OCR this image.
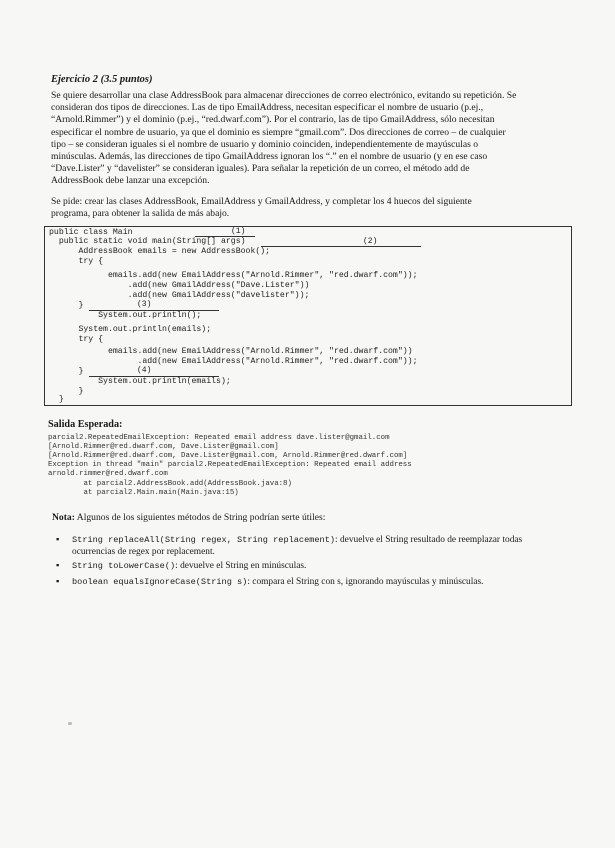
Ejercicio 2 (3.5 puntos)
Se quiere desarrollar una clase AddressBook para almacenar direcciones de correo electrónico, evitando su repetición. Se
consideran dos tipos de direcciones. Las de tipo EmailAddress, necesitan especificar el nombre de usuario (p.ej.,
“Arnold.Rimmer”) y el dominio (p.ej., “red.dwarf.com”). Por el contrario, las de tipo GmailAddress, sólo necesitan
especificar el nombre de usuario, ya que el dominio es siempre “gmail.com”. Dos direcciones de correo – de cualquier
tipo – se consideran iguales si el nombre de usuario y dominio coinciden, independientemente de mayúsculas o
minúsculas. Además, las direcciones de tipo GmailAddress ignoran los “.” en el nombre de usuario (y en ese caso
“Dave.Lister” y “davelister” se consideran iguales). Para señalar la repetición de un correo, el método add de
AddressBook debe lanzar una excepción.
Se pide: crear las clases AddressBook, EmailAddress y GmailAddress, y completar los 4 huecos del siguiente
programa, para obtener la salida de más abajo.
public class Main	(1)
public static void main(String[] args)	(2)
AddressBook emails = new AddressBook();
try {
emails.add(new EmailAddress("Arnold.Rimmer", "red.dwarf.com"));
.add(new GmailAddress("Dave.Lister"))
.add(new GmailAddress("davelister"));
}	(3)
System.out.println();
System.out.println(emails);
try {
emails.add(new EmailAddress("Arnold.Rimmer", "red.dwarf.com"))
.add(new EmailAddress("Arnold.Rimmer", "red.dwarf.com"));
}	(4)
System.out.println(emails);
}
}
Salida Esperada:
parcial2.RepeatedEmailException: Repeated email address dave.lister@gmail.com
[Arnold.Rimmer@red.dwarf.com, Dave.Lister@gmail.com]
[Arnold.Rimmer@red.dwarf.com, Dave.Lister@gmail.com, Arnold.Rimmer@red.dwarf.com]
Exception in thread "main" parcial2.RepeatedEmailException: Repeated email address
arnold.rimmer@red.dwarf.com
at parcial2.AddressBook.add(AddressBook.java:8)
at parcial2.Main.main(Main.java:15)
Nota: Algunos de los siguientes métodos de String podrían serte útiles:
▪ String replaceAll(String regex, String replacement): devuelve el String resultado de reemplazar todas
ocurrencias de regex por replacement.
▪ String toLowerCase(): devuelve el String en minúsculas.
▪ boolean equalsIgnoreCase(String s): compara el String con s, ignorando mayúsculas y minúsculas.
